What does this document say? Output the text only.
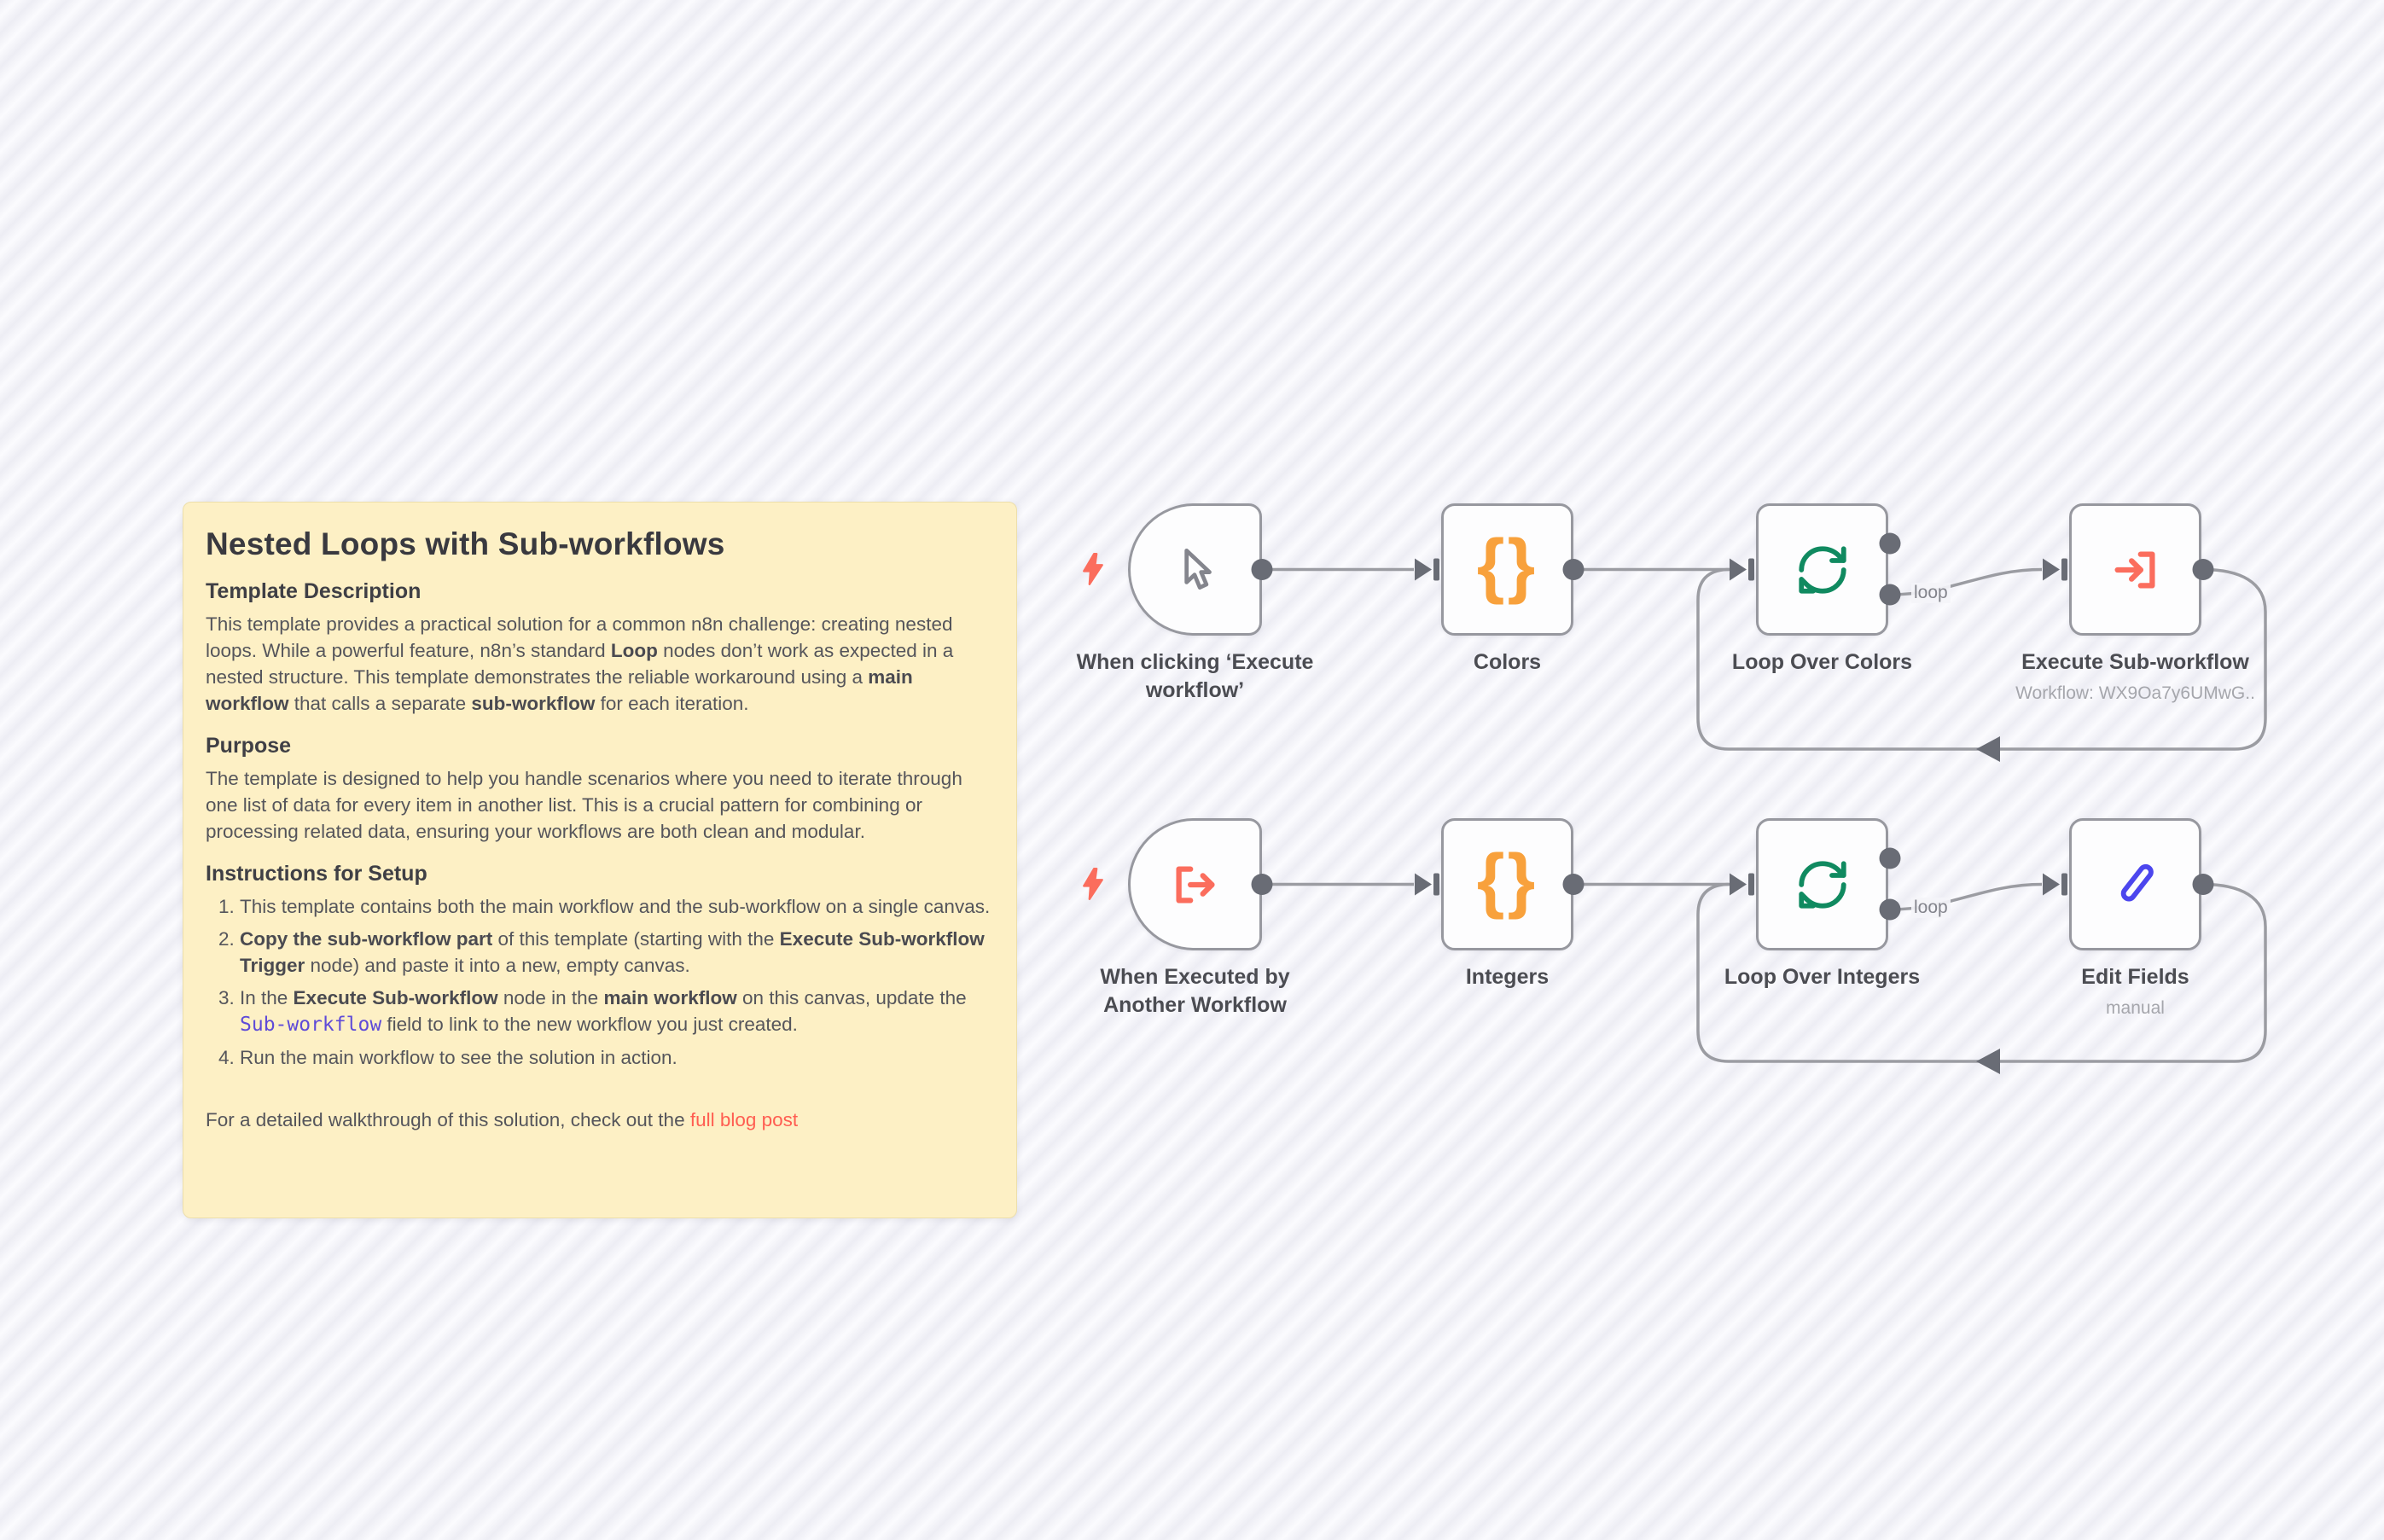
Nested Loops with Sub-workflows
Template Description

This template provides a practical solution for a common n8n challenge: creating nested loops. While a powerful feature, n8n’s standard Loop nodes don’t work as expected in a nested structure. This template demonstrates the reliable workaround using a main workflow that calls a separate sub-workflow for each iteration.

Purpose

The template is designed to help you handle scenarios where you need to iterate through one list of data for every item in another list. This is a crucial pattern for combining or processing related data, ensuring your workflows are both clean and modular.

Instructions for Setup
1. This template contains both the main workflow and the sub-workflow on a single canvas.
2. Copy the sub-workflow part of this template (starting with the Execute Sub-workflow Trigger node) and paste it into a new, empty canvas.
3. In the Execute Sub-workflow node in the main workflow on this canvas, update the Sub-workflow field to link to the new workflow you just created.
4. Run the main workflow to see the solution in action.

For a detailed walkthrough of this solution, check out the full blog post

When clicking ‘Execute workflow’
{}
Colors	Loop Over Colors	Execute Sub-workflow
Workflow: WX9Oa7y6UMwG..
When Executed by Another Workflow
{}
Integers	Loop Over Integers	Edit Fields
manual
loop
loop
